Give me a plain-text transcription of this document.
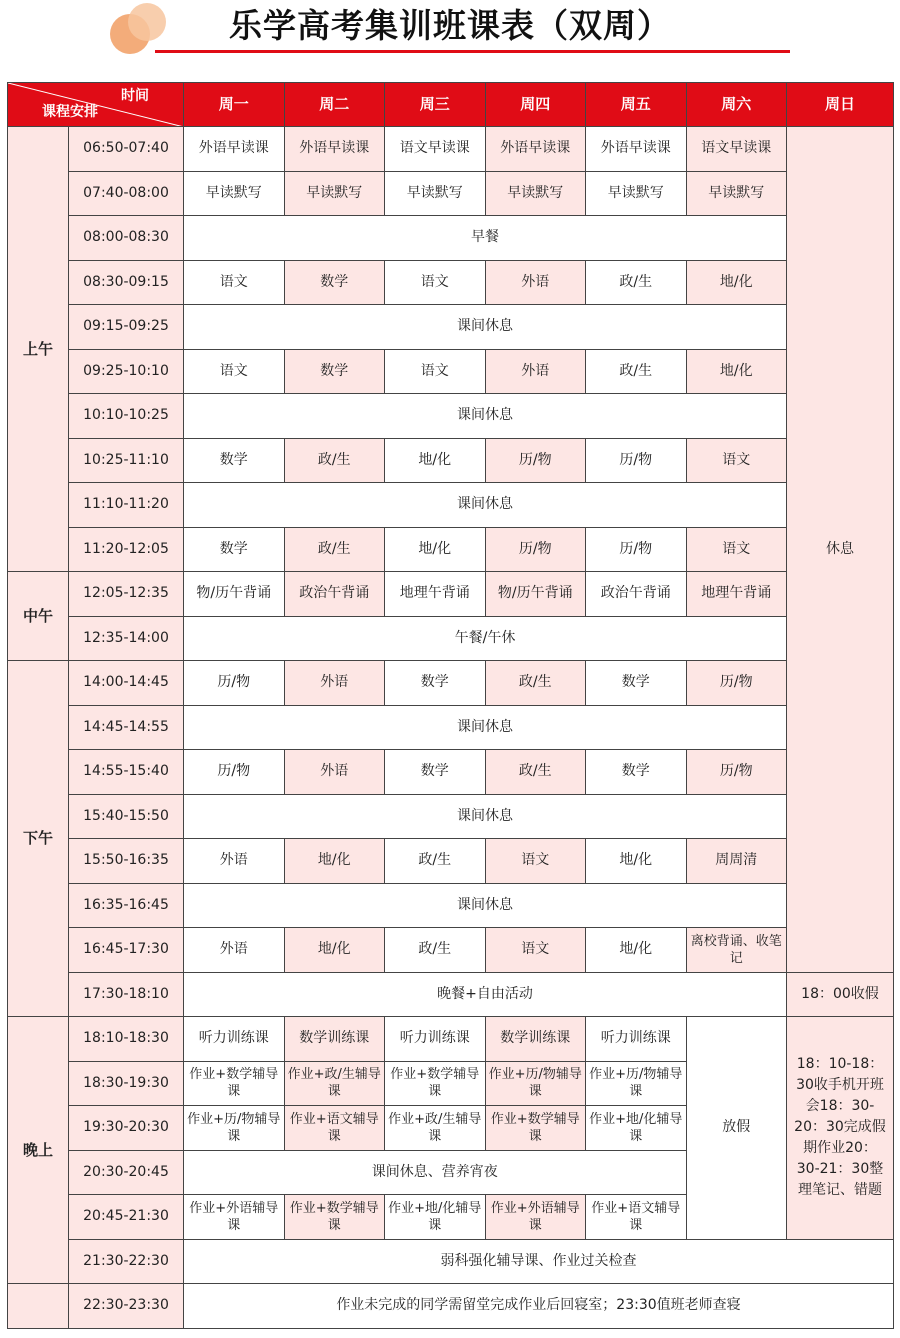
乐学高考集训班课表（双周）
时间
课程安排		周一	周二	周三	周四	周五	周六	周日
上午	06:50-07:40	外语早读课	外语早读课	语文早读课	外语早读课	外语早读课	语文早读课	休息
	07:40-08:00	早读默写	早读默写	早读默写	早读默写	早读默写	早读默写	
	08:00-08:30	早餐						
	08:30-09:15	语文	数学	语文	外语	政/生	地/化	
	09:15-09:25	课间休息						
	09:25-10:10	语文	数学	语文	外语	政/生	地/化	
	10:10-10:25	课间休息						
	10:25-11:10	数学	政/生	地/化	历/物	历/物	语文	
	11:10-11:20	课间休息						
	11:20-12:05	数学	政/生	地/化	历/物	历/物	语文	
中午	12:05-12:35	物/历午背诵	政治午背诵	地理午背诵	物/历午背诵	政治午背诵	地理午背诵	
	12:35-14:00	午餐/午休						
下午	14:00-14:45	历/物	外语	数学	政/生	数学	历/物	
	14:45-14:55	课间休息						
	14:55-15:40	历/物	外语	数学	政/生	数学	历/物	
	15:40-15:50	课间休息						
	15:50-16:35	外语	地/化	政/生	语文	地/化	周周清	
	16:35-16:45	课间休息						
	16:45-17:30	外语	地/化	政/生	语文	地/化	离校背诵、收笔记	
	17:30-18:10	晚餐+自由活动						18：00收假
晚上	18:10-18:30	听力训练课	数学训练课	听力训练课	数学训练课	听力训练课	放假	18：10-18：30收手机开班会18：30-20：30完成假期作业20：30-21：30整理笔记、错题
	18:30-19:30	作业+数学辅导课	作业+政/生辅导课	作业+数学辅导课	作业+历/物辅导课	作业+历/物辅导课		
	19:30-20:30	作业+历/物辅导课	作业+语文辅导课	作业+政/生辅导课	作业+数学辅导课	作业+地/化辅导课		
	20:30-20:45	课间休息、营养宵夜						
	20:45-21:30	作业+外语辅导课	作业+数学辅导课	作业+地/化辅导课	作业+外语辅导课	作业+语文辅导课		
	21:30-22:30	弱科强化辅导课、作业过关检查						
	22:30-23:30	作业未完成的同学需留堂完成作业后回寝室；23:30值班老师查寝						
